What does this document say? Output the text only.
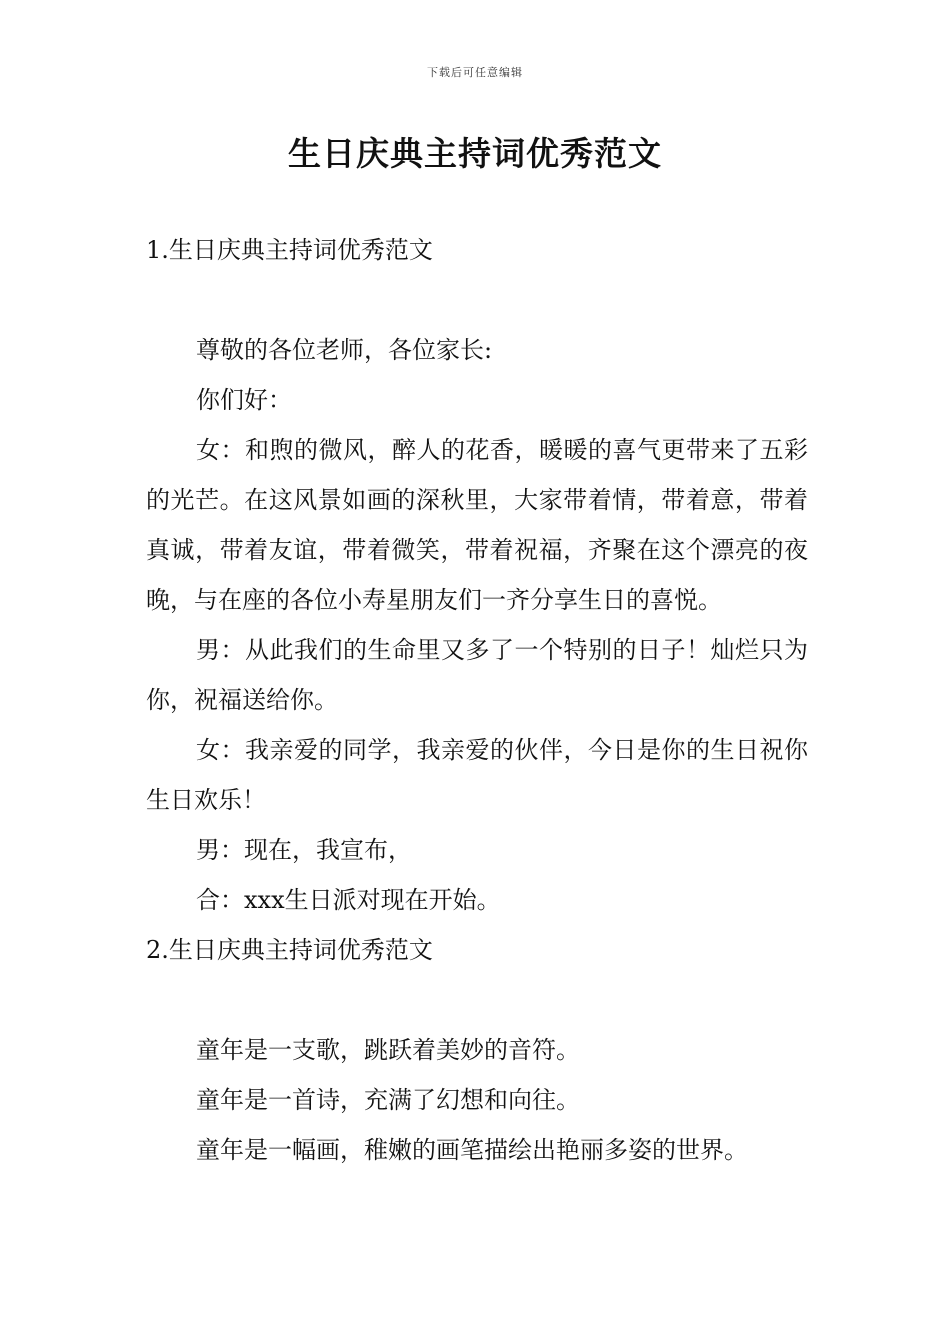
下载后可任意编辑
生日庆典主持词优秀范文

1.生日庆典主持词优秀范文

尊敬的各位老师，各位家长:

你们好：

女：和煦的微风，醉人的花香，暖暖的喜气更带来了五彩的光芒。在这风景如画的深秋里，大家带着情，带着意，带着真诚，带着友谊，带着微笑，带着祝福，齐聚在这个漂亮的夜晚，与在座的各位小寿星朋友们一齐分享生日的喜悦。

男：从此我们的生命里又多了一个特别的日子！灿烂只为你，祝福送给你。

女：我亲爱的同学，我亲爱的伙伴，今日是你的生日祝你生日欢乐！

男：现在，我宣布，

合：xxx生日派对现在开始。

2.生日庆典主持词优秀范文

童年是一支歌，跳跃着美妙的音符。

童年是一首诗，充满了幻想和向往。

童年是一幅画，稚嫩的画笔描绘出艳丽多姿的世界。
